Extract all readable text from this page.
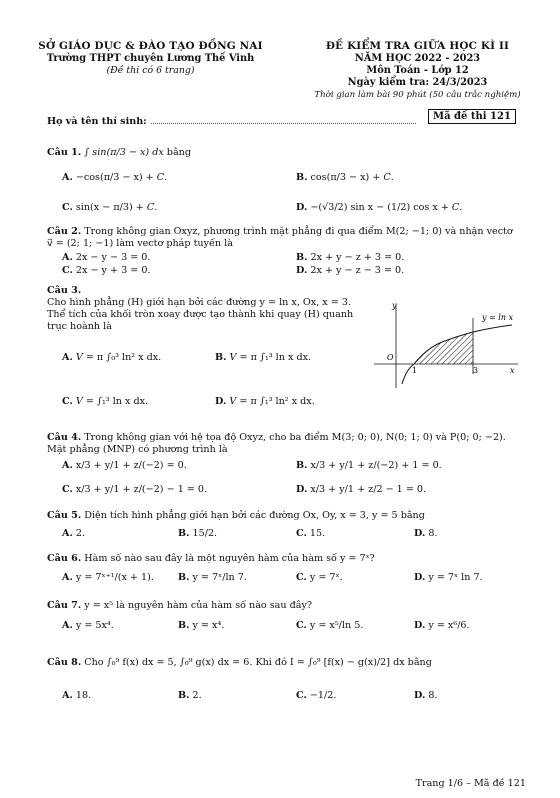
SỞ GIÁO DỤC & ĐÀO TẠO ĐỒNG NAI
Trường THPT chuyên Lương Thế Vinh
(Đề thi có 6 trang)
ĐỀ KIỂM TRA GIỮA HỌC KÌ II
NĂM HỌC 2022 - 2023
Môn Toán - Lớp 12
Ngày kiểm tra: 24/3/2023
Thời gian làm bài 90 phút (50 câu trắc nghiệm)
Họ và tên thí sinh:	Mã đề thi 121
Câu 1. ∫ sin(π/3 − x) dx bằng
A. −cos(π/3 − x) + C.	B. cos(π/3 − x) + C.
C. sin(x − π/3) + C.	D. −(√3/2) sin x − (1/2) cos x + C.
Câu 2. Trong không gian Oxyz, phương trình mặt phẳng đi qua điểm M(2; −1; 0) và nhận vectơ
v⃗ = (2; 1; −1) làm vectơ pháp tuyến là
A. 2x − y − 3 = 0.	B. 2x + y − z + 3 = 0.
C. 2x − y + 3 = 0.	D. 2x + y − z − 3 = 0.
Câu 3.
Cho hình phẳng (H) giới hạn bởi các đường y = ln x, Ox, x = 3.
Thể tích của khối tròn xoay được tạo thành khi quay (H) quanh
trục hoành là
A. V = π ∫₀³ ln² x dx.	B. V = π ∫₁³ ln x dx.
C. V = ∫₁³ ln x dx.	D. V = π ∫₁³ ln² x dx.
y
x
O
1	3
y = ln x
Câu 4. Trong không gian với hệ tọa độ Oxyz, cho ba điểm M(3; 0; 0), N(0; 1; 0) và P(0; 0; −2).
Mặt phẳng (MNP) có phương trình là
A. x/3 + y/1 + z/(−2) = 0.	B. x/3 + y/1 + z/(−2) + 1 = 0.
C. x/3 + y/1 + z/(−2) − 1 = 0.	D. x/3 + y/1 + z/2 − 1 = 0.
Câu 5. Diện tích hình phẳng giới hạn bởi các đường Ox, Oy, x = 3, y = 5 bằng
A. 2.	B. 15/2.	C. 15.	D. 8.
Câu 6. Hàm số nào sau đây là một nguyên hàm của hàm số y = 7ˣ?
A. y = 7ˣ⁺¹/(x + 1).	B. y = 7ˣ/ln 7.	C. y = 7ˣ.	D. y = 7ˣ ln 7.
Câu 7. y = x⁵ là nguyên hàm của hàm số nào sau đây?
A. y = 5x⁴.	B. y = x⁴.	C. y = x⁵/ln 5.	D. y = x⁶/6.
Câu 8. Cho ∫₀⁹ f(x) dx = 5, ∫₀⁹ g(x) dx = 6. Khi đó I = ∫₀⁹ [f(x) − g(x)/2] dx bằng
A. 18.	B. 2.	C. −1/2.	D. 8.
Trang 1/6 – Mã đề 121
